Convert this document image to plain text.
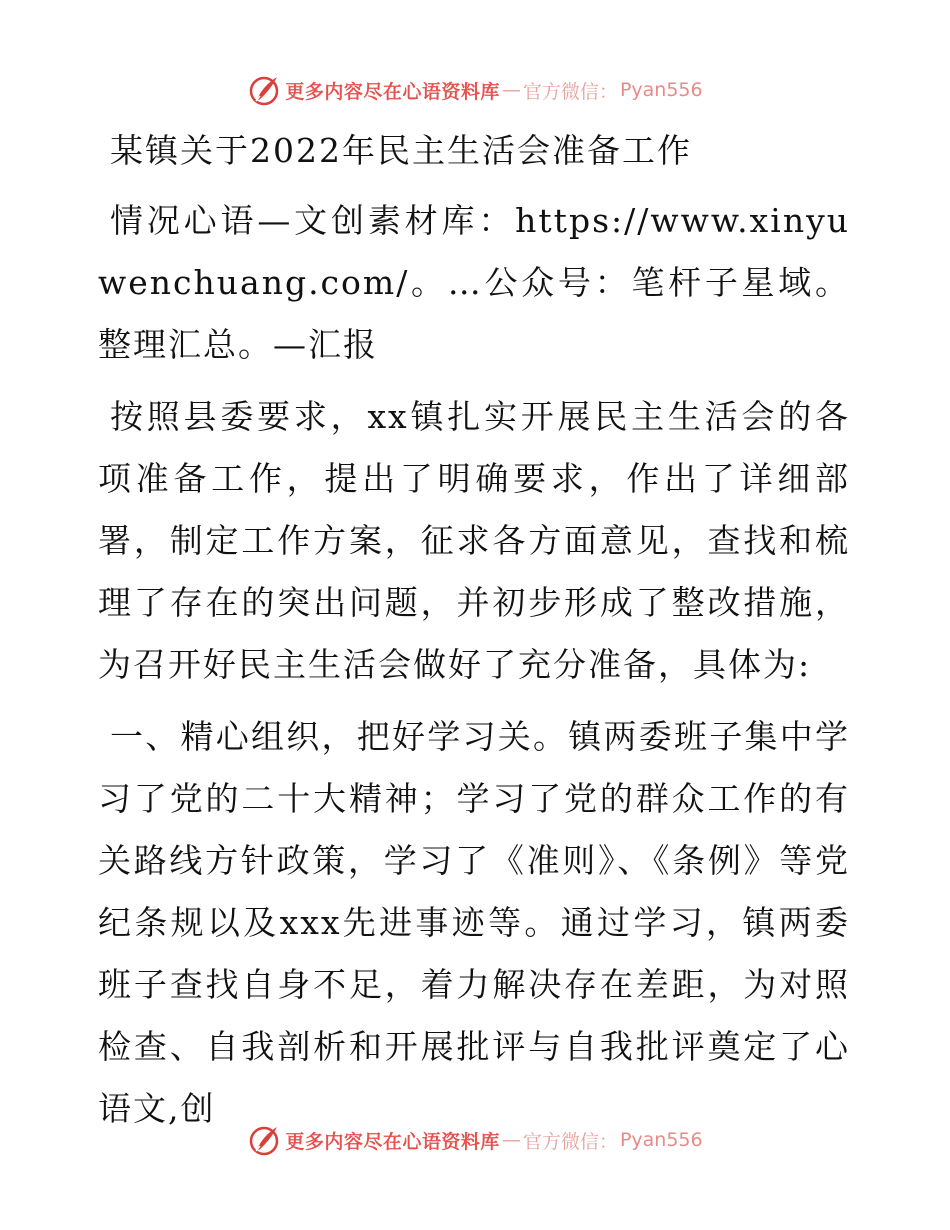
更多内容尽在心语资料库 — 官方微信： Pyan556

某镇关于2022年民主生活会准备工作

情况心语—文创素材库：https://www.xinyuwenchuang.com/。…公众号：笔杆子星域。整理汇总。—汇报

按照县委要求，xx镇扎实开展民主生活会的各项准备工作，提出了明确要求，作出了详细部署，制定工作方案，征求各方面意见，查找和梳理了存在的突出问题，并初步形成了整改措施，为召开好民主生活会做好了充分准备，具体为:

一、精心组织，把好学习关。镇两委班子集中学习了党的二十大精神；学习了党的群众工作的有关路线方针政策，学习了《准则》、《条例》等党纪条规以及xxx先进事迹等。通过学习，镇两委班子查找自身不足，着力解决存在差距，为对照检查、自我剖析和开展批评与自我批评奠定了心语文,创

更多内容尽在心语资料库 — 官方微信： Pyan556
